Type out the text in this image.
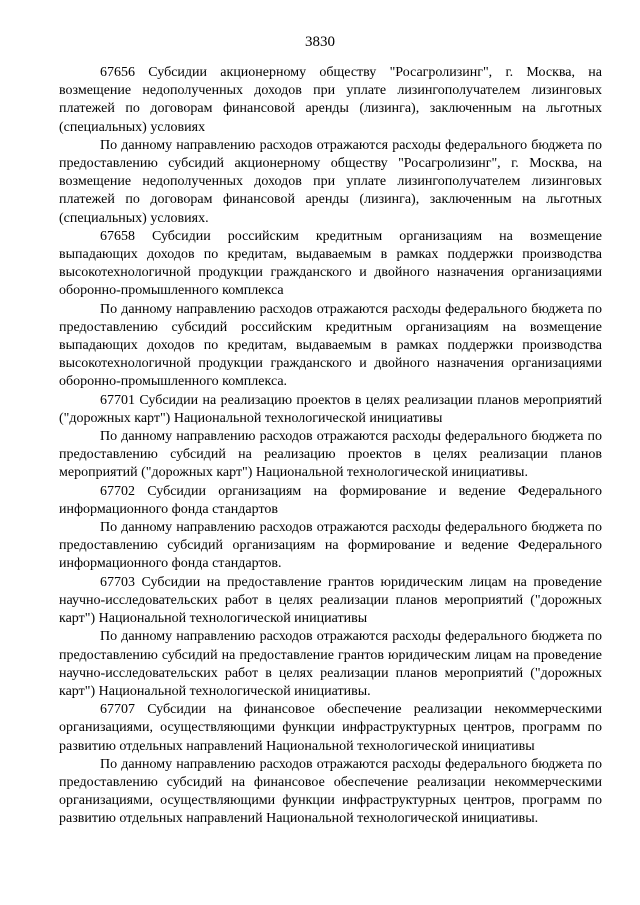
3830

67656 Субсидии акционерному обществу "Росагролизинг", г. Москва, на возмещение недополученных доходов при уплате лизингополучателем лизинговых платежей по договорам финансовой аренды (лизинга), заключенным на льготных (специальных) условиях

По данному направлению расходов отражаются расходы федерального бюджета по предоставлению субсидий акционерному обществу "Росагролизинг", г. Москва, на возмещение недополученных доходов при уплате лизингополучателем лизинговых платежей по договорам финансовой аренды (лизинга), заключенным на льготных (специальных) условиях.

67658 Субсидии российским кредитным организациям на возмещение выпадающих доходов по кредитам, выдаваемым в рамках поддержки производства высокотехнологичной продукции гражданского и двойного назначения организациями оборонно-промышленного комплекса

По данному направлению расходов отражаются расходы федерального бюджета по предоставлению субсидий российским кредитным организациям на возмещение выпадающих доходов по кредитам, выдаваемым в рамках поддержки производства высокотехнологичной продукции гражданского и двойного назначения организациями оборонно-промышленного комплекса.

67701 Субсидии на реализацию проектов в целях реализации планов мероприятий ("дорожных карт") Национальной технологической инициативы

По данному направлению расходов отражаются расходы федерального бюджета по предоставлению субсидий на реализацию проектов в целях реализации планов мероприятий ("дорожных карт") Национальной технологической инициативы.

67702 Субсидии организациям на формирование и ведение Федерального информационного фонда стандартов

По данному направлению расходов отражаются расходы федерального бюджета по предоставлению субсидий организациям на формирование и ведение Федерального информационного фонда стандартов.

67703 Субсидии на предоставление грантов юридическим лицам на проведение научно-исследовательских работ в целях реализации планов мероприятий ("дорожных карт") Национальной технологической инициативы

По данному направлению расходов отражаются расходы федерального бюджета по предоставлению субсидий на предоставление грантов юридическим лицам на проведение научно-исследовательских работ в целях реализации планов мероприятий ("дорожных карт") Национальной технологической инициативы.

67707 Субсидии на финансовое обеспечение реализации некоммерческими организациями, осуществляющими функции инфраструктурных центров, программ по развитию отдельных направлений Национальной технологической инициативы

По данному направлению расходов отражаются расходы федерального бюджета по предоставлению субсидий на финансовое обеспечение реализации некоммерческими организациями, осуществляющими функции инфраструктурных центров, программ по развитию отдельных направлений Национальной технологической инициативы.
